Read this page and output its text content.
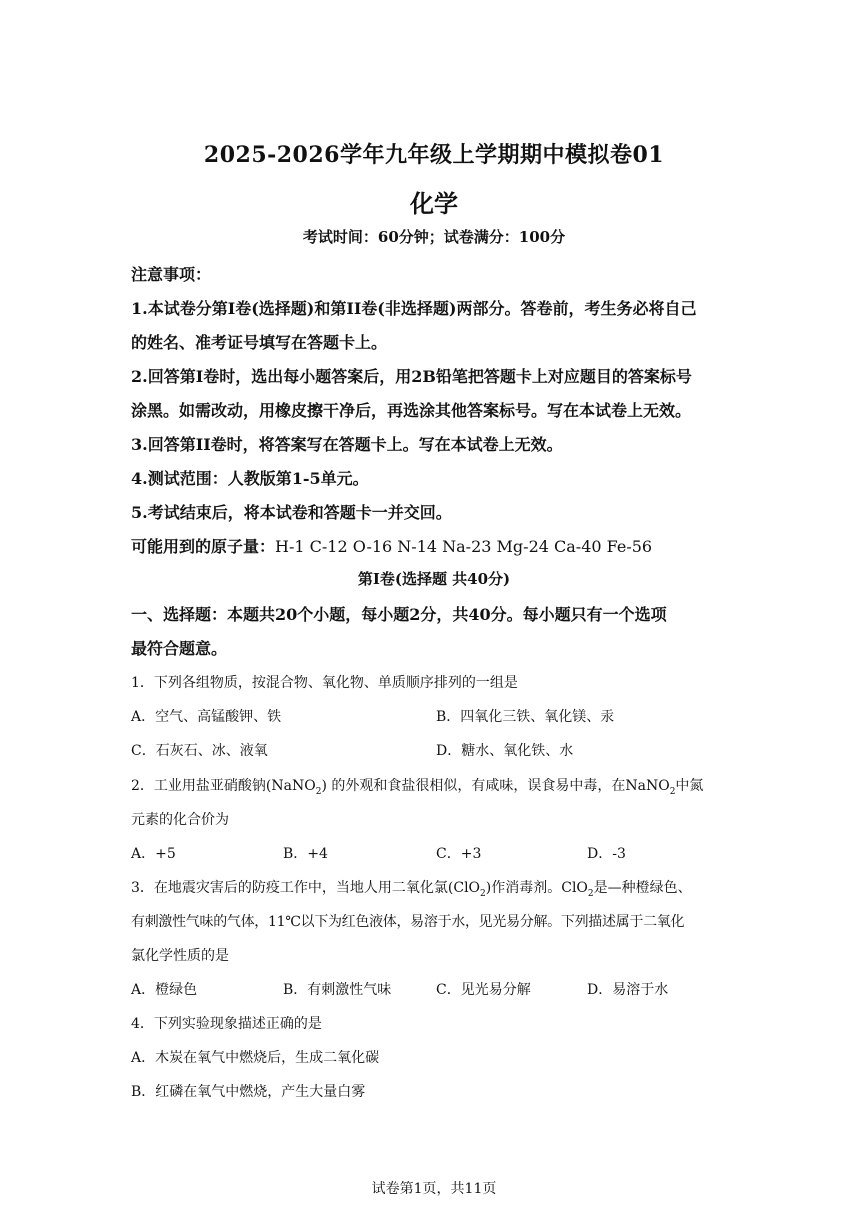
2025-2026学年九年级上学期期中模拟卷01
化学
考试时间：60分钟；试卷满分：100分
注意事项：
1.本试卷分第I卷(选择题)和第II卷(非选择题)两部分。答卷前，考生务必将自己
的姓名、准考证号填写在答题卡上。
2.回答第I卷时，选出每小题答案后，用2B铅笔把答题卡上对应题目的答案标号
涂黑。如需改动，用橡皮擦干净后，再选涂其他答案标号。写在本试卷上无效。
3.回答第II卷时，将答案写在答题卡上。写在本试卷上无效。
4.测试范围：人教版第1-5单元。
5.考试结束后，将本试卷和答题卡一并交回。
可能用到的原子量：H-1 C-12 O-16 N-14 Na-23 Mg-24 Ca-40 Fe-56
第I卷(选择题 共40分)
一、选择题：本题共20个小题，每小题2分，共40分。每小题只有一个选项
最符合题意。
1．下列各组物质，按混合物、氧化物、单质顺序排列的一组是
A．空气、高锰酸钾、铁	B．四氧化三铁、氧化镁、汞
C．石灰石、冰、液氧	D．糖水、氧化铁、水
2．工业用盐亚硝酸钠(NaNO$_2$) 的外观和食盐很相似，有咸味，误食易中毒，在NaNO$_2$中氮
元素的化合价为
A．+5	B．+4	C．+3	D．-3
3．在地震灾害后的防疫工作中，当地人用二氧化氯(ClO$_2$)作消毒剂。ClO$_2$是—种橙绿色、
有刺激性气味的气体，11℃以下为红色液体，易溶于水，见光易分解。下列描述属于二氧化
氯化学性质的是
A．橙绿色	B．有刺激性气味	C．见光易分解	D．易溶于水
4．下列实验现象描述正确的是
A．木炭在氧气中燃烧后，生成二氧化碳
B．红磷在氧气中燃烧，产生大量白雾
试卷第1页，共11页
